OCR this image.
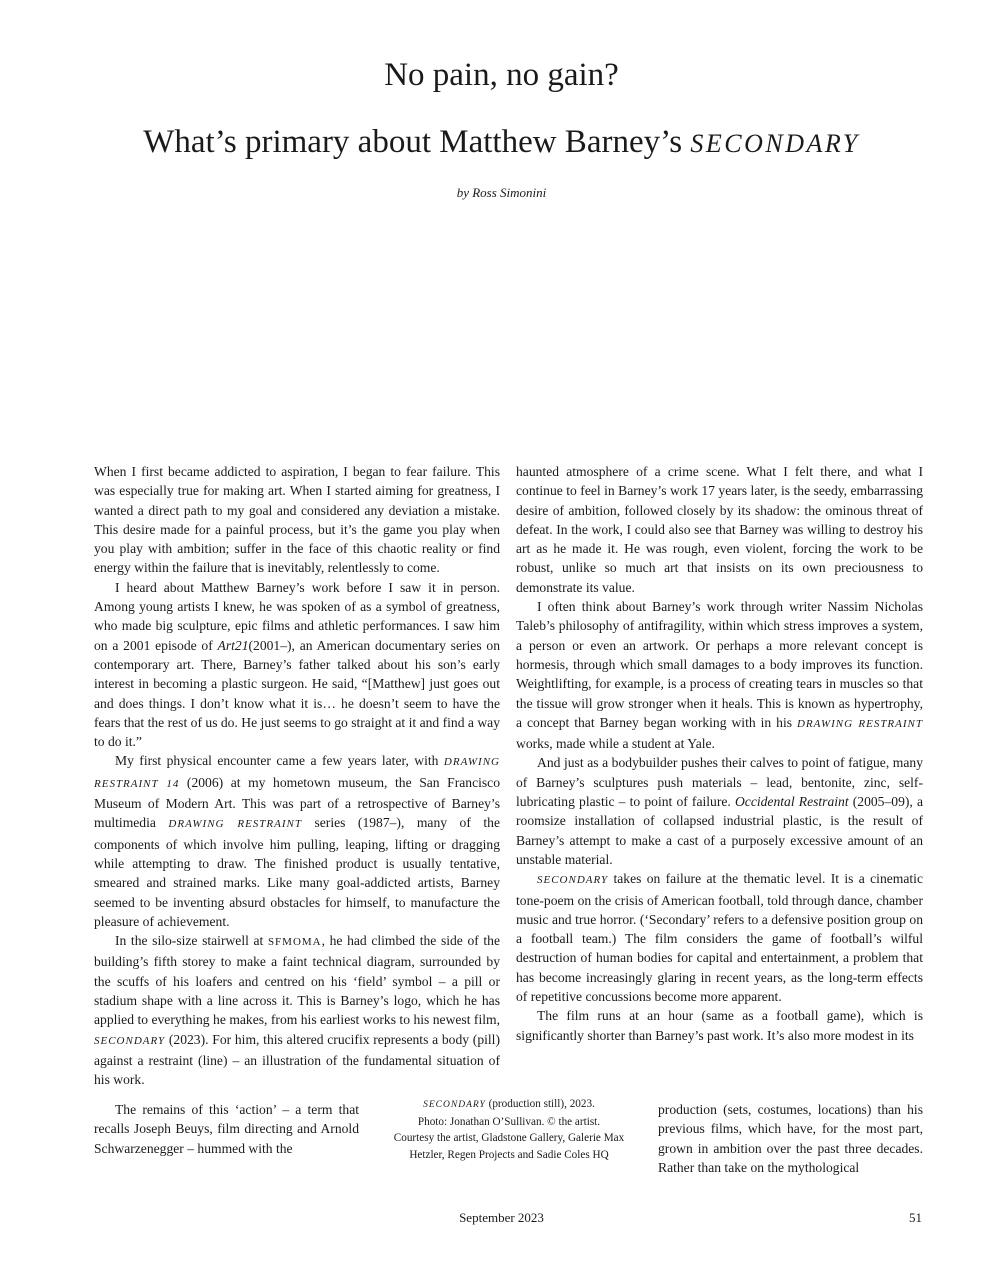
No pain, no gain?
What’s primary about Matthew Barney’s SECONDARY
by Ross Simonini

When I first became addicted to aspiration, I began to fear failure. This was especially true for making art. When I started aiming for greatness, I wanted a direct path to my goal and considered any deviation a mistake. This desire made for a painful process, but it’s the game you play when you play with ambition; suffer in the face of this chaotic reality or find energy within the failure that is inevitably, relentlessly to come.

I heard about Matthew Barney’s work before I saw it in person. Among young artists I knew, he was spoken of as a symbol of greatness, who made big sculpture, epic films and athletic performances. I saw him on a 2001 episode of Art21(2001–), an American documentary series on contemporary art. There, Barney’s father talked about his son’s early interest in becoming a plastic surgeon. He said, “[Matthew] just goes out and does things. I don’t know what it is… he doesn’t seem to have the fears that the rest of us do. He just seems to go straight at it and find a way to do it.”

My first physical encounter came a few years later, with DRAWING RESTRAINT 14 (2006) at my hometown museum, the San Francisco Museum of Modern Art. This was part of a retrospective of Barney’s multimedia DRAWING RESTRAINT series (1987–), many of the components of which involve him pulling, leaping, lifting or dragging while attempting to draw. The finished product is usually tentative, smeared and strained marks. Like many goal-addicted artists, Barney seemed to be inventing absurd obstacles for himself, to manufacture the pleasure of achievement.

In the silo-size stairwell at SFMOMA, he had climbed the side of the building’s fifth storey to make a faint technical diagram, surrounded by the scuffs of his loafers and centred on his ‘field’ symbol – a pill or stadium shape with a line across it. This is Barney’s logo, which he has applied to everything he makes, from his earliest works to his newest film, SECONDARY (2023). For him, this altered crucifix represents a body (pill) against a restraint (line) – an illustration of the fundamental situation of his work.

haunted atmosphere of a crime scene. What I felt there, and what I continue to feel in Barney’s work 17 years later, is the seedy, embarrassing desire of ambition, followed closely by its shadow: the ominous threat of defeat. In the work, I could also see that Barney was willing to destroy his art as he made it. He was rough, even violent, forcing the work to be robust, unlike so much art that insists on its own preciousness to demonstrate its value.

I often think about Barney’s work through writer Nassim Nicholas Taleb’s philosophy of antifragility, within which stress improves a system, a person or even an artwork. Or perhaps a more relevant concept is hormesis, through which small damages to a body improves its function. Weightlifting, for example, is a process of creating tears in muscles so that the tissue will grow stronger when it heals. This is known as hypertrophy, a concept that Barney began working with in his DRAWING RESTRAINT works, made while a student at Yale.

And just as a bodybuilder pushes their calves to point of fatigue, many of Barney’s sculptures push materials – lead, bentonite, zinc, self-lubricating plastic – to point of failure. Occidental Restraint (2005–09), a roomsize installation of collapsed industrial plastic, is the result of Barney’s attempt to make a cast of a purposely excessive amount of an unstable material.

SECONDARY takes on failure at the thematic level. It is a cinematic tone-poem on the crisis of American football, told through dance, chamber music and true horror. (‘Secondary’ refers to a defensive position group on a football team.) The film considers the game of football’s wilful destruction of human bodies for capital and entertainment, a problem that has become increasingly glaring in recent years, as the long-term effects of repetitive concussions become more apparent.

The film runs at an hour (same as a football game), which is significantly shorter than Barney’s past work. It’s also more modest in its

The remains of this ‘action’ – a term that recalls Joseph Beuys, film directing and Arnold Schwarzenegger – hummed with the

SECONDARY (production still), 2023.
Photo: Jonathan O’Sullivan. © the artist.
Courtesy the artist, Gladstone Gallery, Galerie Max Hetzler, Regen Projects and Sadie Coles HQ

production (sets, costumes, locations) than his previous films, which have, for the most part, grown in ambition over the past three decades. Rather than take on the mythological

September 2023	51
